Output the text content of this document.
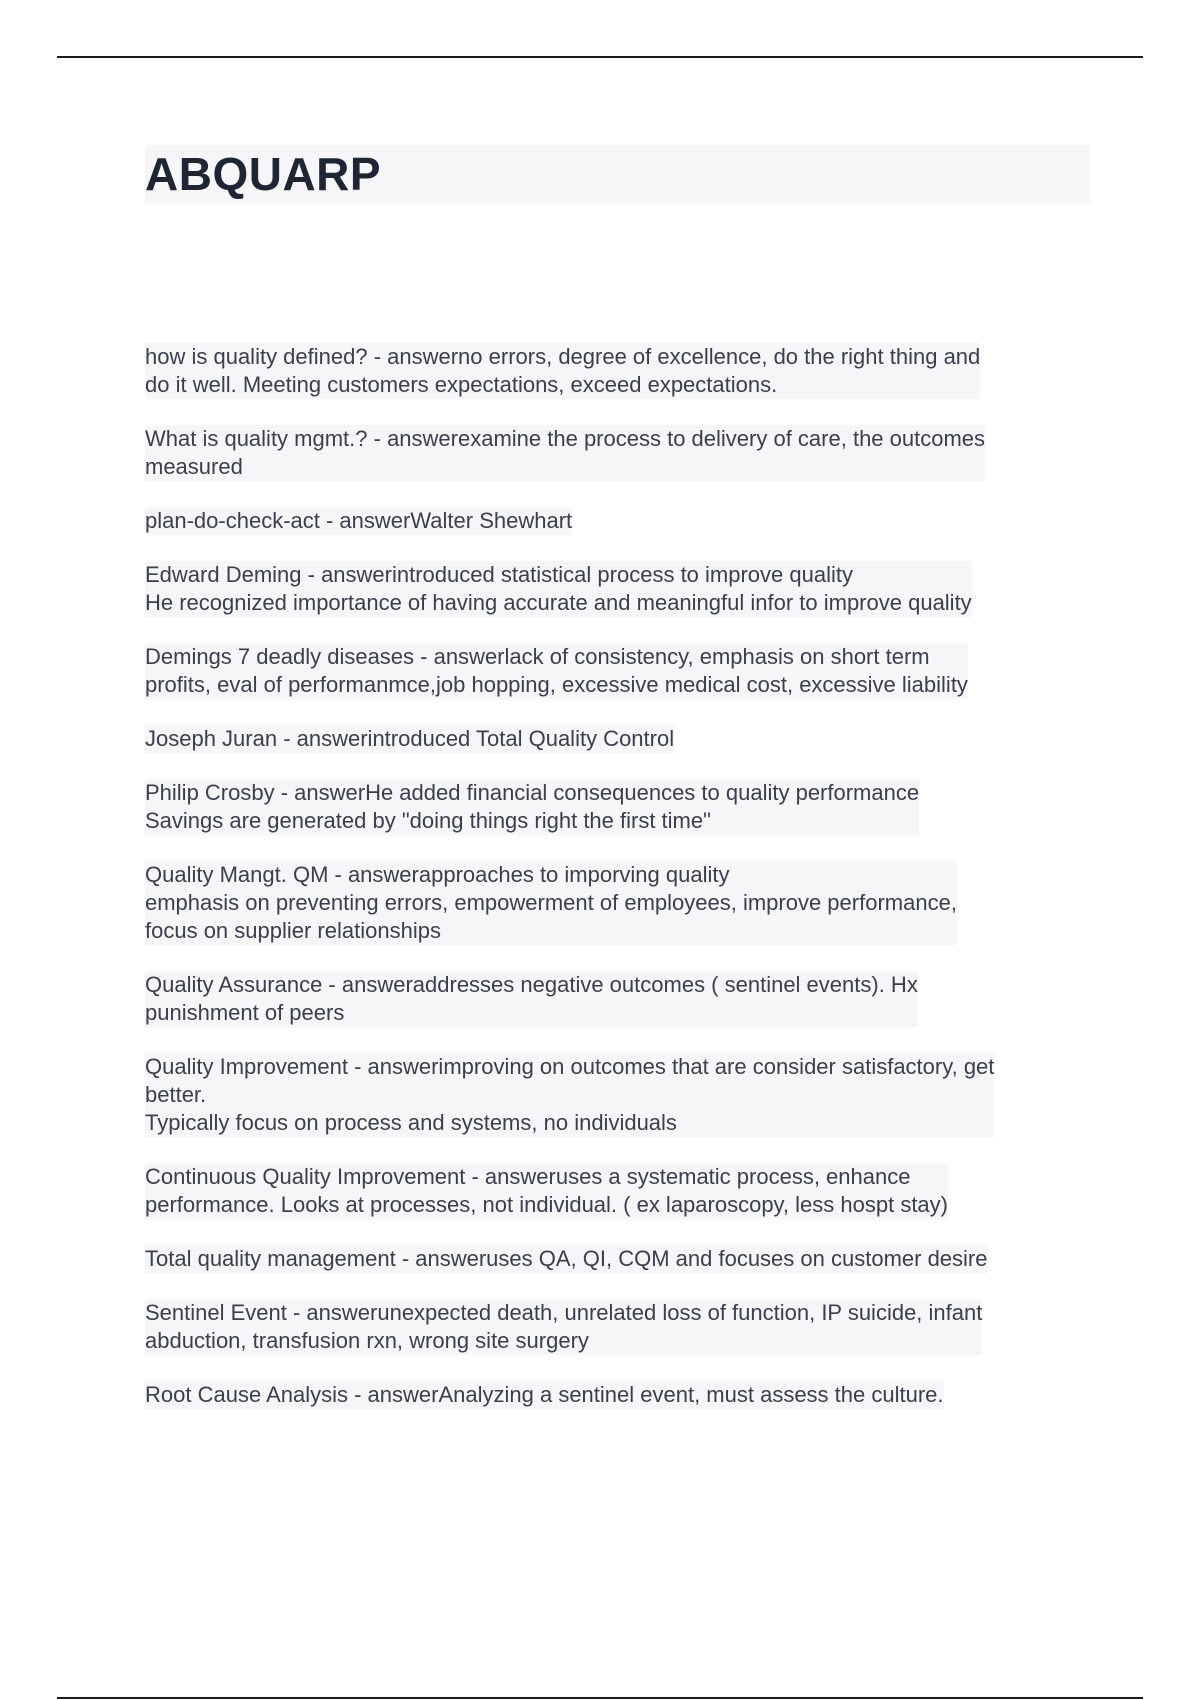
ABQUARP
how is quality defined? - answerno errors, degree of excellence, do the right thing and
do it well. Meeting customers expectations, exceed expectations.
What is quality mgmt.? - answerexamine the process to delivery of care, the outcomes
measured
plan-do-check-act - answerWalter Shewhart
Edward Deming - answerintroduced statistical process to improve quality
He recognized importance of having accurate and meaningful infor to improve quality
Demings 7 deadly diseases - answerlack of consistency, emphasis on short term
profits, eval of performanmce,job hopping, excessive medical cost, excessive liability
Joseph Juran - answerintroduced Total Quality Control
Philip Crosby - answerHe added financial consequences to quality performance
Savings are generated by "doing things right the first time"
Quality Mangt. QM - answerapproaches to imporving quality
emphasis on preventing errors, empowerment of employees, improve performance,
focus on supplier relationships
Quality Assurance - answeraddresses negative outcomes ( sentinel events). Hx
punishment of peers
Quality Improvement - answerimproving on outcomes that are consider satisfactory, get
better.
Typically focus on process and systems, no individuals
Continuous Quality Improvement - answeruses a systematic process, enhance
performance. Looks at processes, not individual. ( ex laparoscopy, less hospt stay)
Total quality management - answeruses QA, QI, CQM and focuses on customer desire
Sentinel Event - answerunexpected death, unrelated loss of function, IP suicide, infant
abduction, transfusion rxn, wrong site surgery
Root Cause Analysis - answerAnalyzing a sentinel event, must assess the culture.
